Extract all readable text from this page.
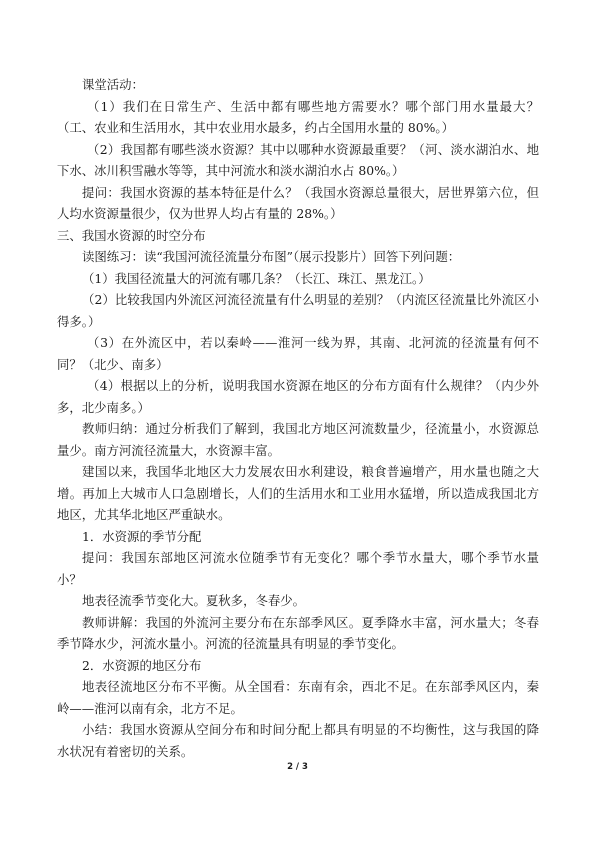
课堂活动：

（1）我们在日常生产、生活中都有哪些地方需要水？哪个部门用水量最大？（工、农业和生活用水，其中农业用水最多，约占全国用水量的 80%。）

（2）我国都有哪些淡水资源？其中以哪种水资源最重要？（河、淡水湖泊水、地下水、冰川积雪融水等等，其中河流水和淡水湖泊水占 80%。）

提问：我国水资源的基本特征是什么？（我国水资源总量很大，居世界第六位，但人均水资源量很少，仅为世界人均占有量的 28%。）

三、我国水资源的时空分布

读图练习：读“我国河流径流量分布图”（展示投影片）回答下列问题：

（1）我国径流量大的河流有哪几条？（长江、珠江、黑龙江。）

（2）比较我国内外流区河流径流量有什么明显的差别？（内流区径流量比外流区小得多。）

（3）在外流区中，若以秦岭——淮河一线为界，其南、北河流的径流量有何不同？（北少、南多）

（4）根据以上的分析，说明我国水资源在地区的分布方面有什么规律？（内少外多，北少南多。）

教师归纳：通过分析我们了解到，我国北方地区河流数量少，径流量小，水资源总量少。南方河流径流量大，水资源丰富。

建国以来，我国华北地区大力发展农田水利建设，粮食普遍增产，用水量也随之大增。再加上大城市人口急剧增长，人们的生活用水和工业用水猛增，所以造成我国北方地区，尤其华北地区严重缺水。

1．水资源的季节分配

提问：我国东部地区河流水位随季节有无变化？哪个季节水量大，哪个季节水量小？

地表径流季节变化大。夏秋多，冬春少。

教师讲解：我国的外流河主要分布在东部季风区。夏季降水丰富，河水量大；冬春季节降水少，河流水量小。河流的径流量具有明显的季节变化。

2．水资源的地区分布

地表径流地区分布不平衡。从全国看：东南有余，西北不足。在东部季风区内，秦岭——淮河以南有余，北方不足。

小结：我国水资源从空间分布和时间分配上都具有明显的不均衡性，这与我国的降水状况有着密切的关系。

2 / 3
